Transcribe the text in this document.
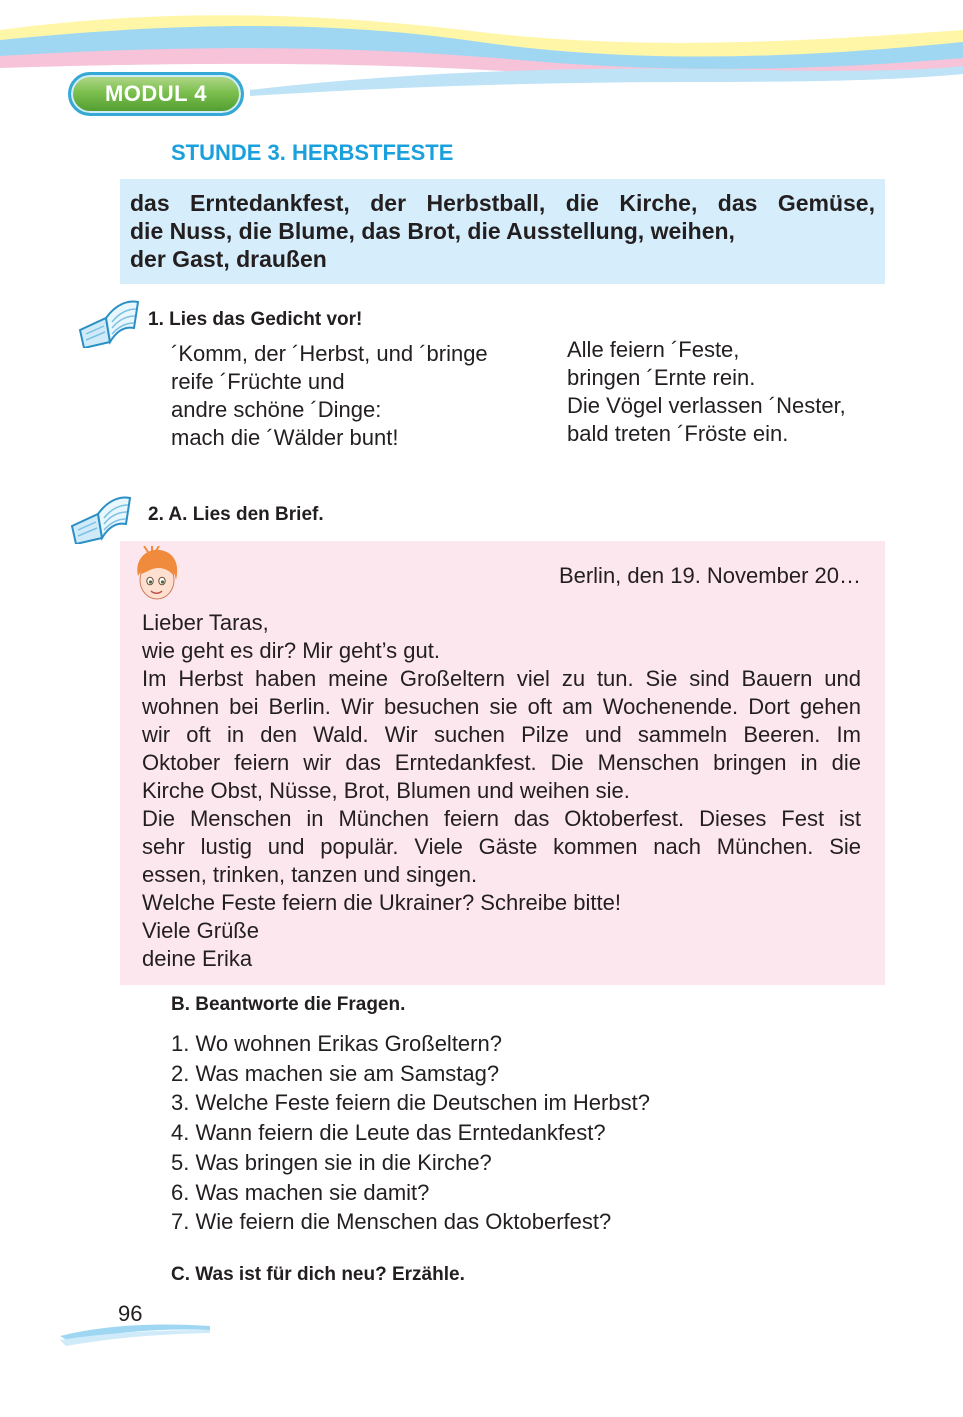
MODUL 4
STUNDE 3. HERBSTFESTE

das Erntedankfest, der Herbstball, die Kirche, das Gemüse,

die Nuss, die Blume, das Brot, die Ausstellung, weihen,

der Gast, draußen

1. Lies das Gedicht vor!
´Komm, der ´Herbst, und ´bringe
reife ´Früchte und
andre schöne ´Dinge:
mach die ´Wälder bunt!
Alle feiern ´Feste,
bringen ´Ernte rein.
Die Vögel verlassen ´Nester,
bald treten ´Fröste ein.
2. A. Lies den Brief.
Berlin, den 19. November 20…

Lieber Taras,

wie geht es dir? Mir geht’s gut.

Im Herbst haben meine Großeltern viel zu tun. Sie sind Bauern und

wohnen bei Berlin. Wir besuchen sie oft am Wochenende. Dort gehen

wir oft in den Wald. Wir suchen Pilze und sammeln Beeren. Im

Oktober feiern wir das Erntedankfest. Die Menschen bringen in die

Kirche Obst, Nüsse, Brot, Blumen und weihen sie.

Die Menschen in München feiern das Oktoberfest. Dieses Fest ist

sehr lustig und populär. Viele Gäste kommen nach München. Sie

essen, trinken, tanzen und singen.

Welche Feste feiern die Ukrainer? Schreibe bitte!

Viele Grüße

deine Erika

B. Beantworte die Fragen.
1. Wo wohnen Erikas Großeltern?
2. Was machen sie am Samstag?
3. Welche Feste feiern die Deutschen im Herbst?
4. Wann feiern die Leute das Erntedankfest?
5. Was bringen sie in die Kirche?
6. Was machen sie damit?
7. Wie feiern die Menschen das Oktoberfest?
C. Was ist für dich neu? Erzähle.
96
